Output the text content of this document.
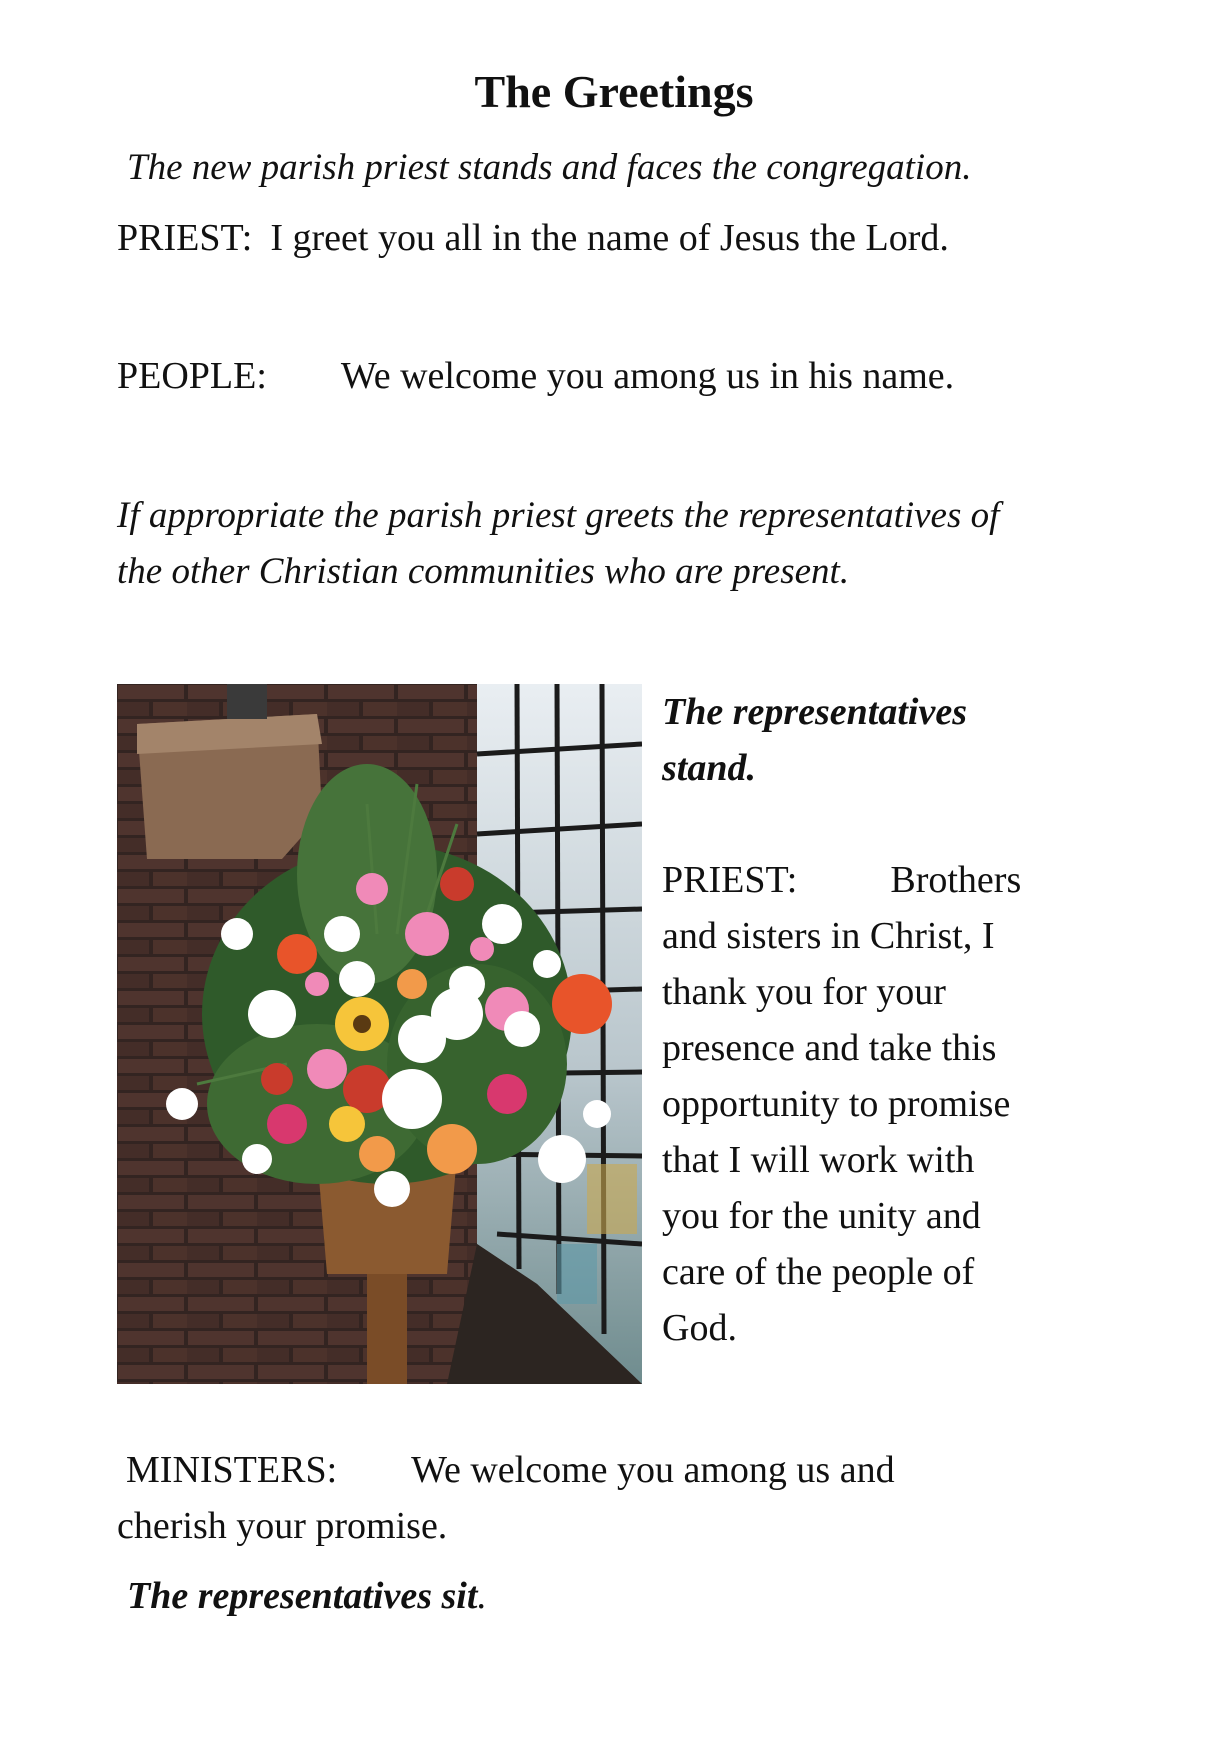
The Greetings

The new parish priest stands and faces the congregation.

PRIEST: I greet you all in the name of Jesus the Lord.

PEOPLE: We welcome you among us in his name.

If appropriate the parish priest greets the representatives of
the other Christian communities who are present.

The representatives
stand.
PRIEST: Brothers
and sisters in Christ, I
thank you for your
presence and take this
opportunity to promise
that I will work with
you for the unity and
care of the people of
God.

MINISTERS: We welcome you among us and
cherish your promise.

The representatives sit.
